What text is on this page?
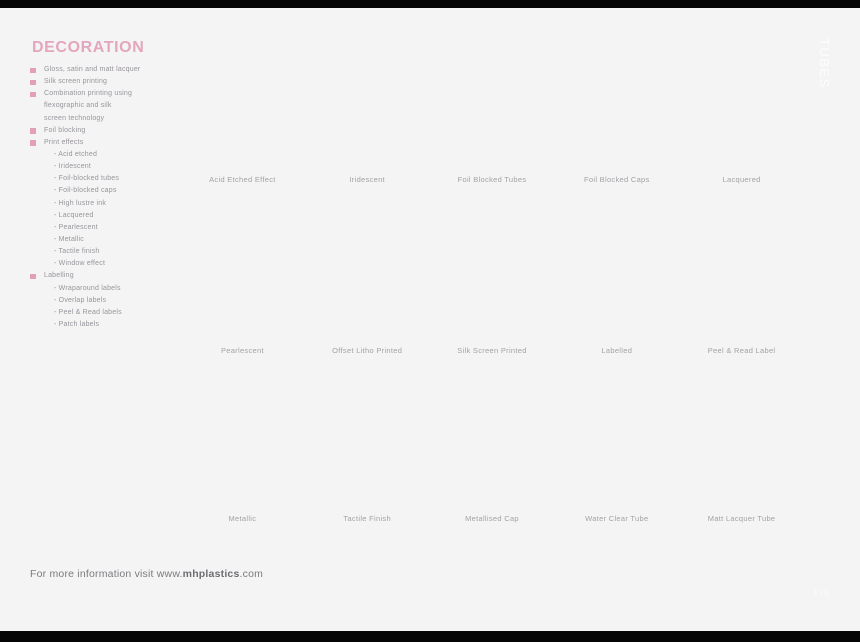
DECORATION
Gloss, satin and matt lacquer
Silk screen printing
Combination printing using
flexographic and silk
screen technology
Foil blocking
Print effects
- Acid etched
- Iridescent
- Foil-blocked tubes
- Foil-blocked caps
- High lustre ink
- Lacquered
- Pearlescent
- Metallic
- Tactile finish
- Window effect
Labelling
- Wraparound labels
- Overlap labels
- Peel & Read labels
- Patch labels
Acid Etched Effect	Iridescent	Foil Blocked Tubes	Foil Blocked Caps	Lacquered
Pearlescent	Offset Litho Printed	Silk Screen Printed	Labelled	Peel & Read Label
Metallic	Tactile Finish	Metallised Cap	Water Clear Tube	Matt Lacquer Tube
For more information visit www.mhplastics.com
TUBES
175
